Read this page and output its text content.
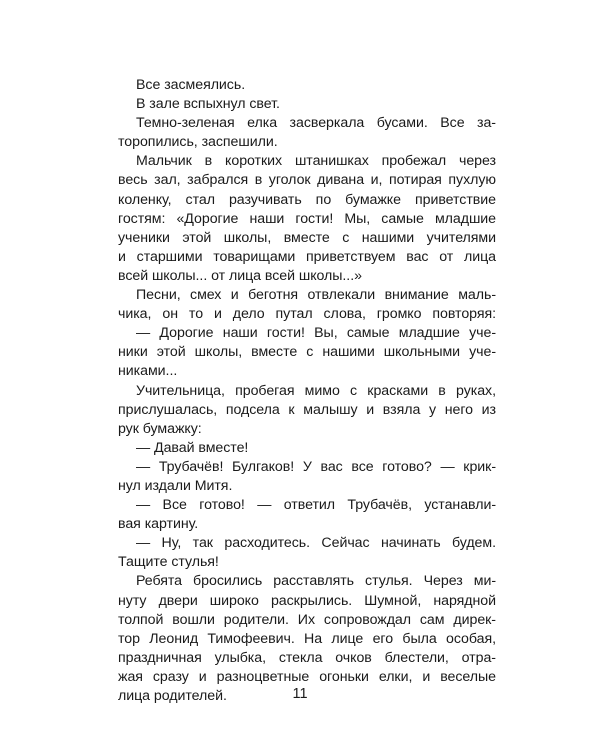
Все засмеялись.
В зале вспыхнул свет.
Темно-зеленая елка засверкала бусами. Все за-
торопились, заспешили.
Мальчик в коротких штанишках пробежал через
весь зал, забрался в уголок дивана и, потирая пухлую
коленку, стал разучивать по бумажке приветствие
гостям: «Дорогие наши гости! Мы, самые младшие
ученики этой школы, вместе с нашими учителями
и старшими товарищами приветствуем вас от лица
всей школы... от лица всей школы...»
Песни, смех и беготня отвлекали внимание маль-
чика, он то и дело путал слова, громко повторяя:
— Дорогие наши гости! Вы, самые младшие уче-
ники этой школы, вместе с нашими школьными уче-
никами...
Учительница, пробегая мимо с красками в руках,
прислушалась, подсела к малышу и взяла у него из
рук бумажку:
— Давай вместе!
— Трубачёв! Булгаков! У вас все готово? — крик-
нул издали Митя.
— Все готово! — ответил Трубачёв, устанавли-
вая картину.
— Ну, так расходитесь. Сейчас начинать будем.
Тащите стулья!
Ребята бросились расставлять стулья. Через ми-
нуту двери широко раскрылись. Шумной, нарядной
толпой вошли родители. Их сопровождал сам дирек-
тор Леонид Тимофеевич. На лице его была особая,
праздничная улыбка, стекла очков блестели, отра-
жая сразу и разноцветные огоньки елки, и веселые
лица родителей.	11
